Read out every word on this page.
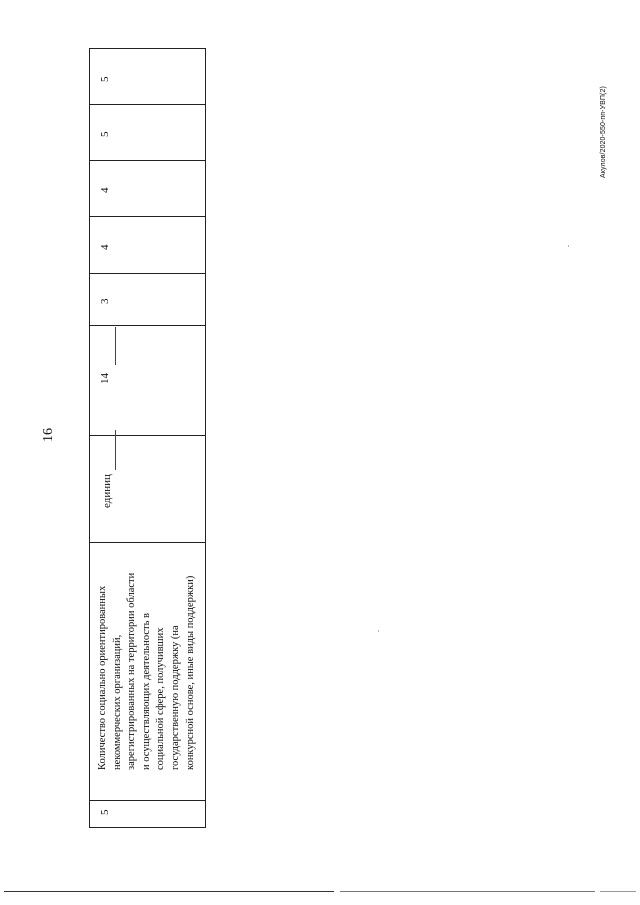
16
Акулов/2020-550-пп-УВП(2)
5
Количество социально ориентированных некоммерческих организаций, зарегистрированных на территории области и осуществляющих деятельность в социальной сфере, получивших государственную поддержку (на конкурсной основе, иные виды поддержки)
единиц
14
3
4
4
5
5
